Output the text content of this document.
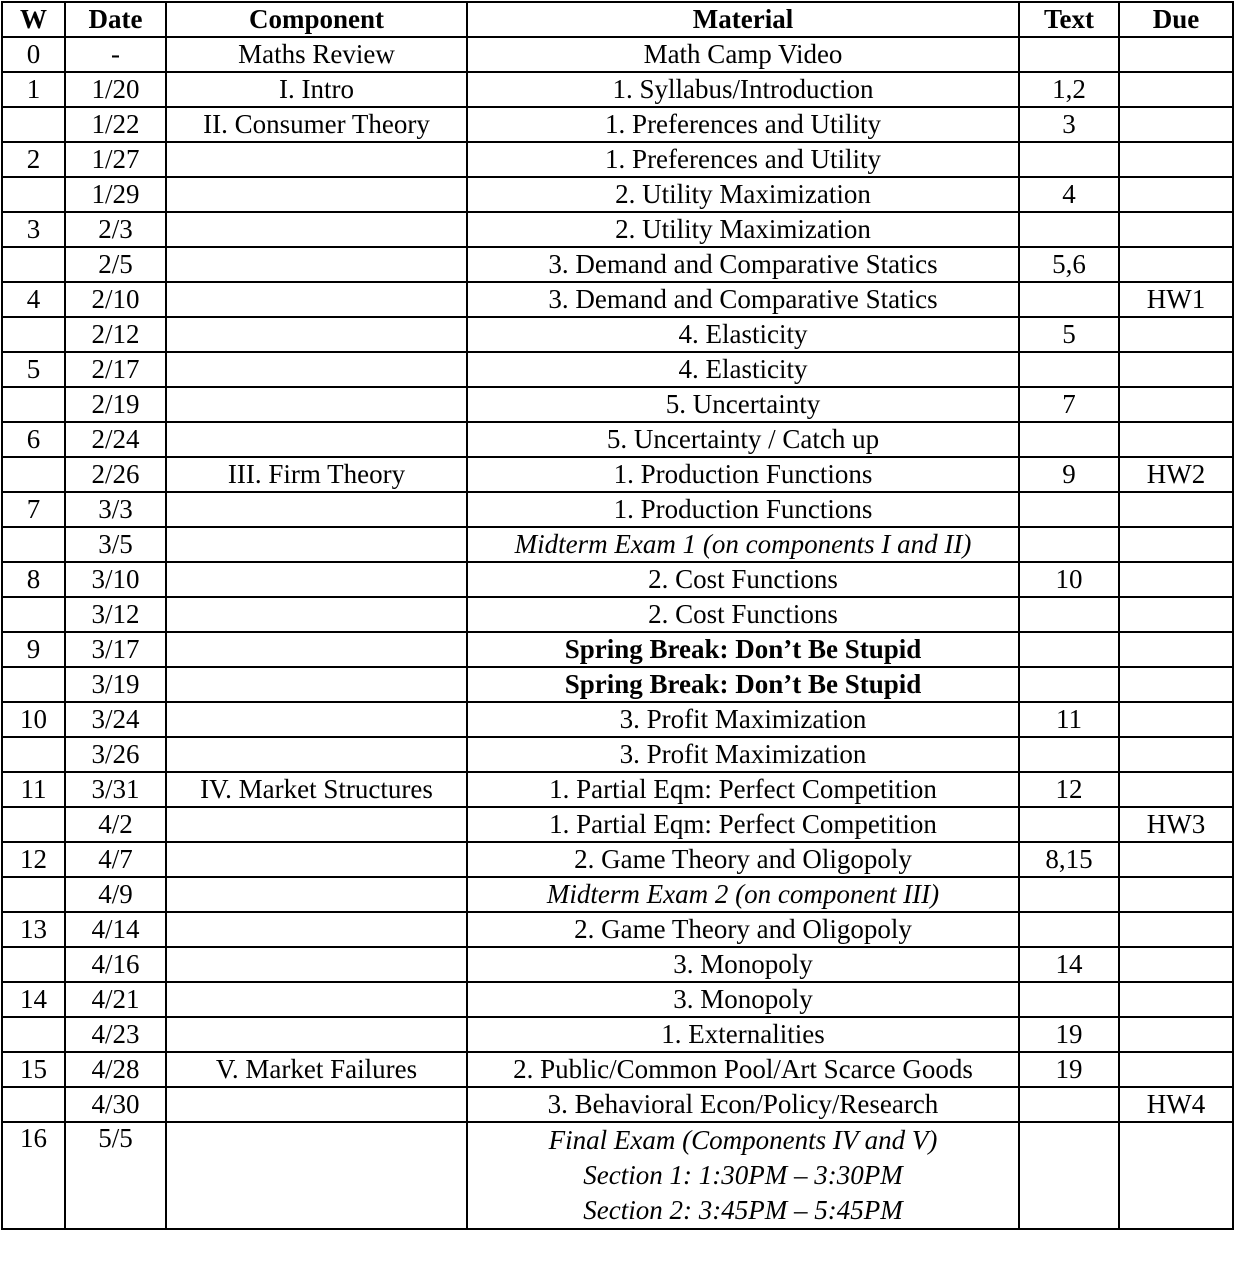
W	Date	Component	Material	Text	Due
0	-	Maths Review	Math Camp Video		
1	1/20	I. Intro	1. Syllabus/Introduction	1,2	
	1/22	II. Consumer Theory	1. Preferences and Utility	3	
2	1/27		1. Preferences and Utility		
	1/29		2. Utility Maximization	4	
3	2/3		2. Utility Maximization		
	2/5		3. Demand and Comparative Statics	5,6	
4	2/10		3. Demand and Comparative Statics		HW1
	2/12		4. Elasticity	5	
5	2/17		4. Elasticity		
	2/19		5. Uncertainty	7	
6	2/24		5. Uncertainty / Catch up		
	2/26	III. Firm Theory	1. Production Functions	9	HW2
7	3/3		1. Production Functions		
	3/5		Midterm Exam 1 (on components I and II)		
8	3/10		2. Cost Functions	10	
	3/12		2. Cost Functions		
9	3/17		Spring Break: Don’t Be Stupid		
	3/19		Spring Break: Don’t Be Stupid		
10	3/24		3. Profit Maximization	11	
	3/26		3. Profit Maximization		
11	3/31	IV. Market Structures	1. Partial Eqm: Perfect Competition	12	
	4/2		1. Partial Eqm: Perfect Competition		HW3
12	4/7		2. Game Theory and Oligopoly	8,15	
	4/9		Midterm Exam 2 (on component III)		
13	4/14		2. Game Theory and Oligopoly		
	4/16		3. Monopoly	14	
14	4/21		3. Monopoly		
	4/23		1. Externalities	19	
15	4/28	V. Market Failures	2. Public/Common Pool/Art Scarce Goods	19	
	4/30		3. Behavioral Econ/Policy/Research		HW4
16	5/5		Final Exam (Components IV and V)
Section 1: 1:30PM – 3:30PM
Section 2: 3:45PM – 5:45PM		
